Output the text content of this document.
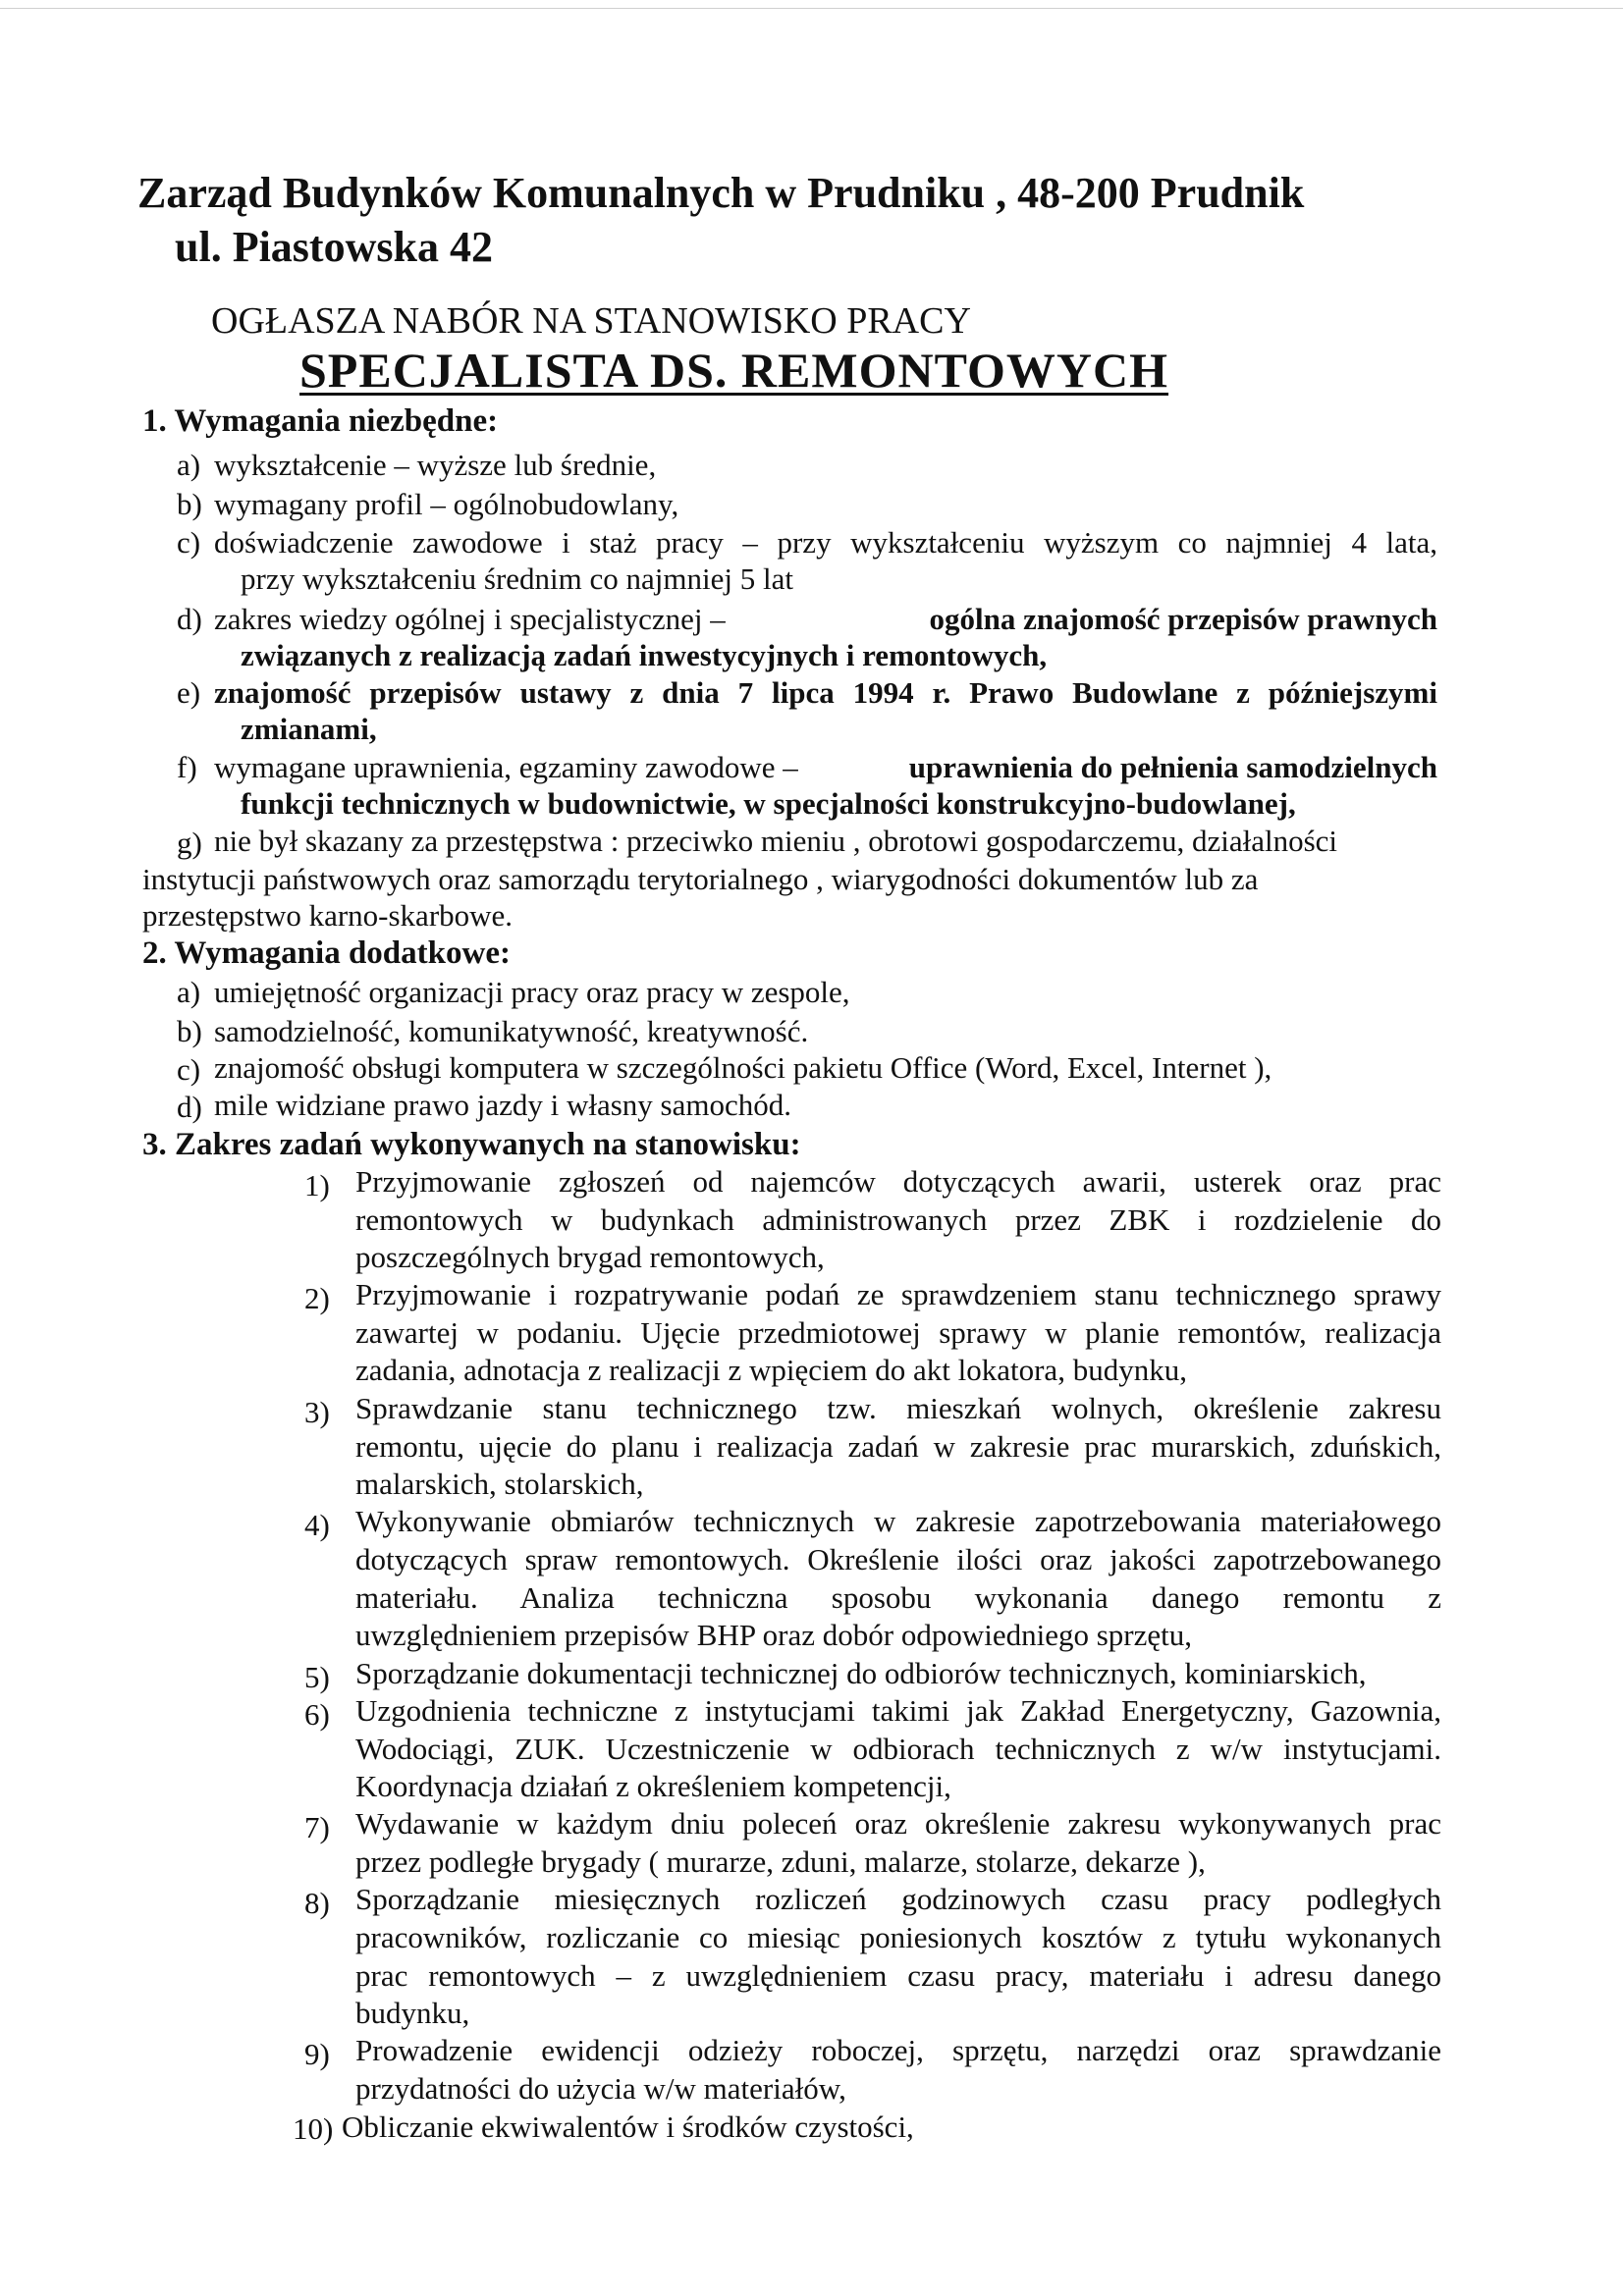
Zarząd Budynków Komunalnych w Prudniku , 48-200 Prudnik
ul. Piastowska 42
OGŁASZA NABÓR NA STANOWISKO PRACY
SPECJALISTA DS. REMONTOWYCH
1. Wymagania niezbędne:
a) wykształcenie – wyższe lub średnie,
b) wymagany profil – ogólnobudowlany,
c) doświadczenie zawodowe i staż pracy – przy wykształceniu wyższym co najmniej 4 lata,
przy wykształceniu średnim co najmniej 5 lat
d) zakres wiedzy ogólnej i specjalistycznej –	ogólna znajomość przepisów prawnych
związanych z realizacją zadań inwestycyjnych i remontowych,
e) znajomość przepisów ustawy z dnia 7 lipca 1994 r. Prawo Budowlane z późniejszymi
zmianami,
f) wymagane uprawnienia, egzaminy zawodowe –	uprawnienia do pełnienia samodzielnych
funkcji technicznych w budownictwie, w specjalności konstrukcyjno-budowlanej,
g) nie był skazany za przestępstwa : przeciwko mieniu , obrotowi gospodarczemu, działalności
instytucji państwowych oraz samorządu terytorialnego , wiarygodności dokumentów lub za
przestępstwo karno-skarbowe.
2. Wymagania dodatkowe:
a) umiejętność organizacji pracy oraz pracy w zespole,
b) samodzielność, komunikatywność, kreatywność.
c) znajomość obsługi komputera w szczególności pakietu Office (Word, Excel, Internet ),
d) mile widziane prawo jazdy i własny samochód.
3. Zakres zadań wykonywanych na stanowisku:
1) Przyjmowanie zgłoszeń od najemców dotyczących awarii, usterek oraz prac
remontowych w budynkach administrowanych przez ZBK i rozdzielenie do
poszczególnych brygad remontowych,
2) Przyjmowanie i rozpatrywanie podań ze sprawdzeniem stanu technicznego sprawy
zawartej w podaniu. Ujęcie przedmiotowej sprawy w planie remontów, realizacja
zadania, adnotacja z realizacji z wpięciem do akt lokatora, budynku,
3) Sprawdzanie stanu technicznego tzw. mieszkań wolnych, określenie zakresu
remontu, ujęcie do planu i realizacja zadań w zakresie prac murarskich, zduńskich,
malarskich, stolarskich,
4) Wykonywanie obmiarów technicznych w zakresie zapotrzebowania materiałowego
dotyczących spraw remontowych. Określenie ilości oraz jakości zapotrzebowanego
materiału. Analiza techniczna sposobu wykonania danego remontu z
uwzględnieniem przepisów BHP oraz dobór odpowiedniego sprzętu,
5) Sporządzanie dokumentacji technicznej do odbiorów technicznych, kominiarskich,
6) Uzgodnienia techniczne z instytucjami takimi jak Zakład Energetyczny, Gazownia,
Wodociągi, ZUK. Uczestniczenie w odbiorach technicznych z w/w instytucjami.
Koordynacja działań z określeniem kompetencji,
7) Wydawanie w każdym dniu poleceń oraz określenie zakresu wykonywanych prac
przez podległe brygady ( murarze, zduni, malarze, stolarze, dekarze ),
8) Sporządzanie miesięcznych rozliczeń godzinowych czasu pracy podległych
pracowników, rozliczanie co miesiąc poniesionych kosztów z tytułu wykonanych
prac remontowych – z uwzględnieniem czasu pracy, materiału i adresu danego
budynku,
9) Prowadzenie ewidencji odzieży roboczej, sprzętu, narzędzi oraz sprawdzanie
przydatności do użycia w/w materiałów,
10) Obliczanie ekwiwalentów i środków czystości,
